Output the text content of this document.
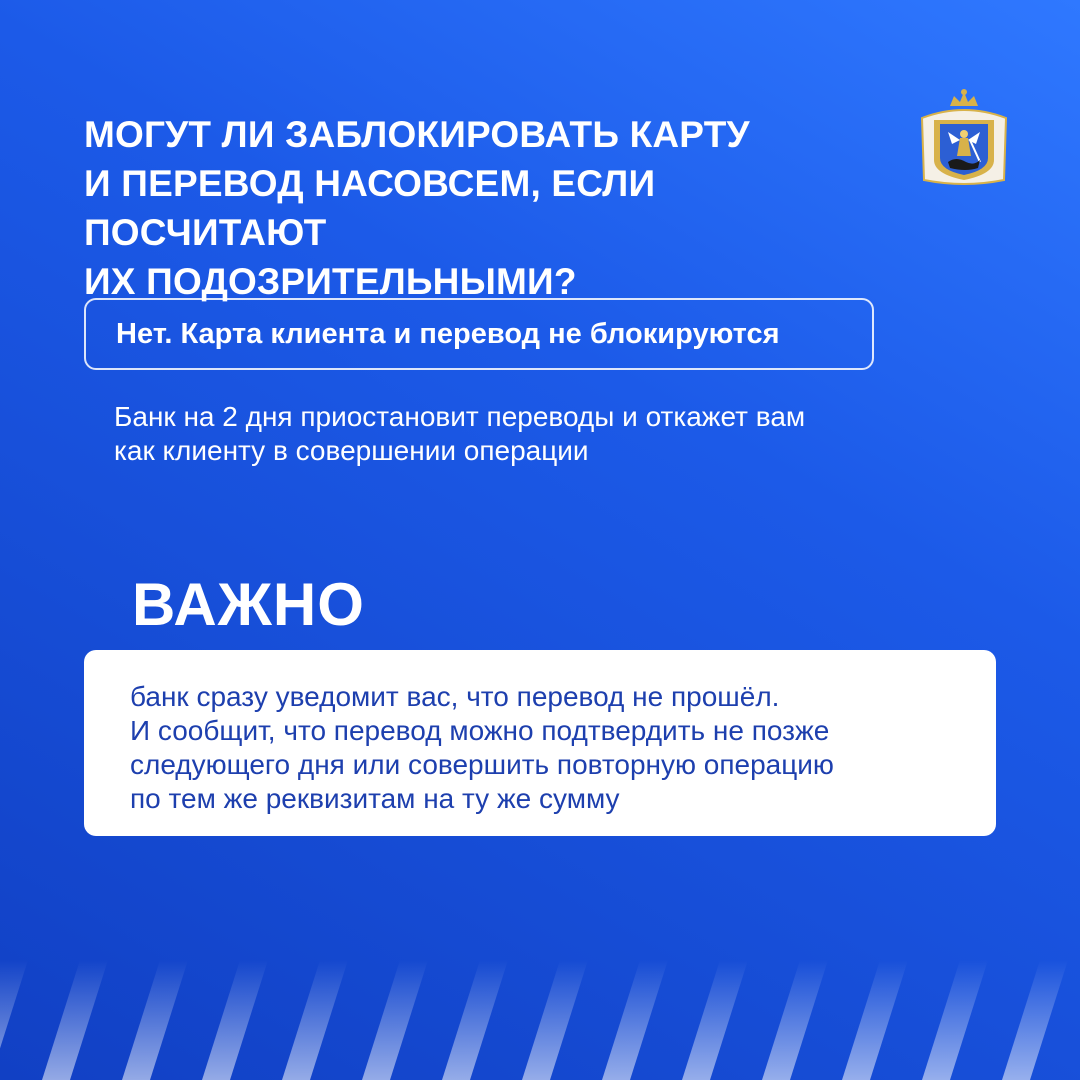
МОГУТ ЛИ ЗАБЛОКИРОВАТЬ КАРТУ
И ПЕРЕВОД НАСОВСЕМ, ЕСЛИ ПОСЧИТАЮТ
ИХ ПОДОЗРИТЕЛЬНЫМИ?
Нет. Карта клиента и перевод не блокируются
Банк на 2 дня приостановит переводы и откажет вам
как клиенту в совершении операции
ВАЖНО
банк сразу уведомит вас, что перевод не прошёл.
И сообщит, что перевод можно подтвердить не позже
следующего дня или совершить повторную операцию
по тем же реквизитам на ту же сумму
